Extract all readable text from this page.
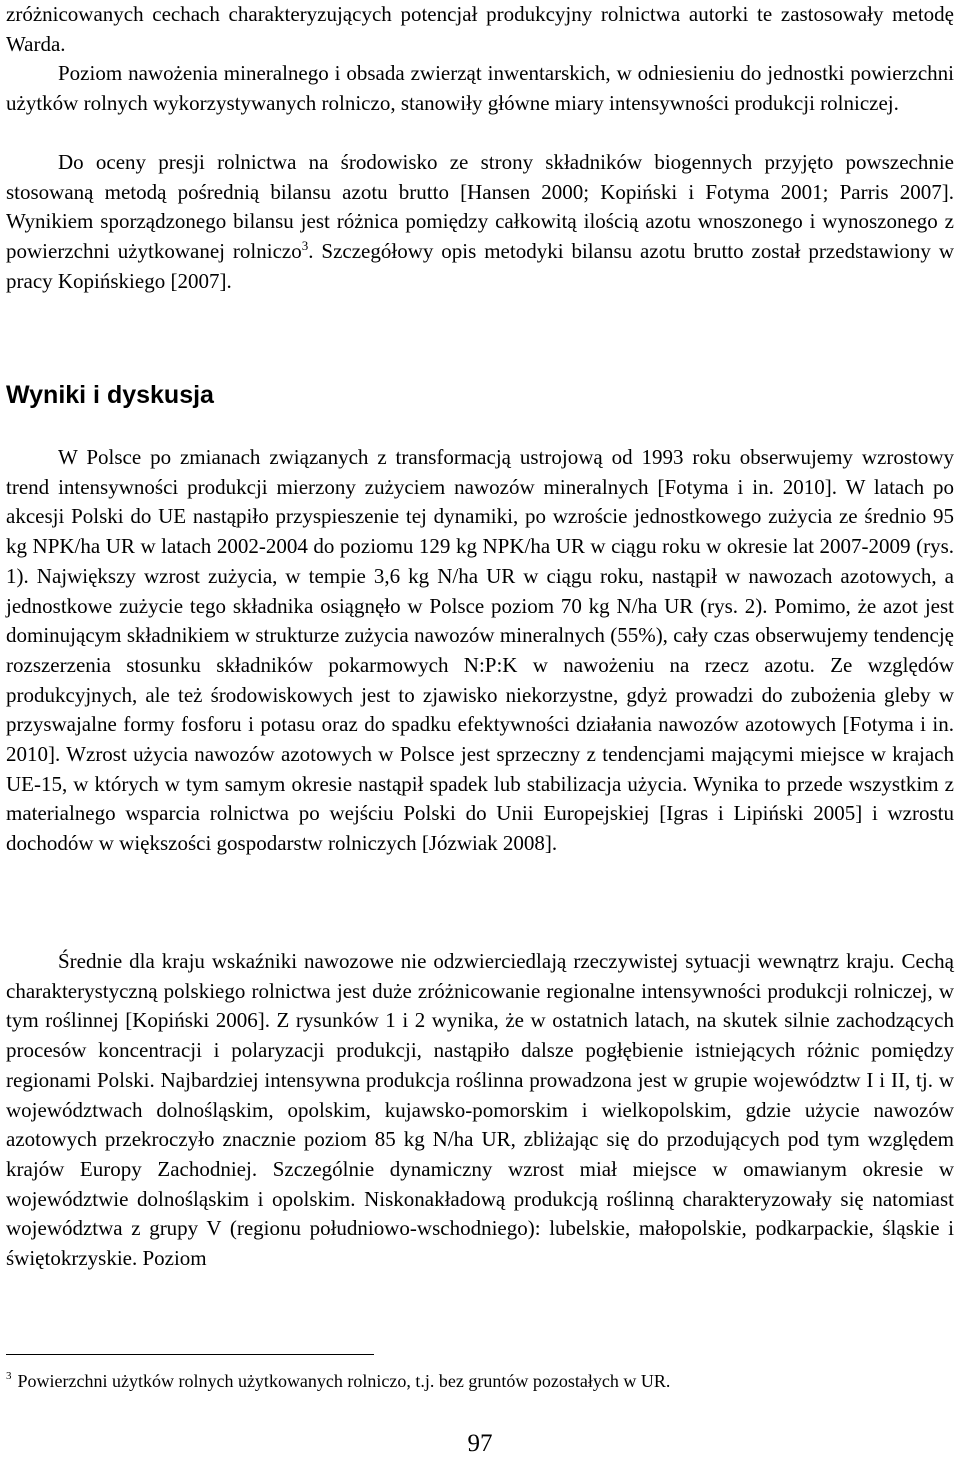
zróżnicowanych cechach charakteryzujących potencjał produkcyjny rolnictwa autorki te zastosowały metodę Warda.

Poziom nawożenia mineralnego i obsada zwierząt inwentarskich, w odniesieniu do jednostki powierzchni użytków rolnych wykorzystywanych rolniczo, stanowiły główne miary intensywności produkcji rolniczej.

Do oceny presji rolnictwa na środowisko ze strony składników biogennych przyjęto powszechnie stosowaną metodą pośrednią bilansu azotu brutto [Hansen 2000; Kopiński i Fotyma 2001; Parris 2007]. Wynikiem sporządzonego bilansu jest różnica pomiędzy całkowitą ilością azotu wnoszonego i wynoszonego z powierzchni użytkowanej rolniczo$^3$. Szczegółowy opis metodyki bilansu azotu brutto został przedstawiony w pracy Kopińskiego [2007].

Wyniki i dyskusja

W Polsce po zmianach związanych z transformacją ustrojową od 1993 roku obserwujemy wzrostowy trend intensywności produkcji mierzony zużyciem nawozów mineralnych [Fotyma i in. 2010]. W latach po akcesji Polski do UE nastąpiło przyspieszenie tej dynamiki, po wzroście jednostkowego zużycia ze średnio 95 kg NPK/ha UR w latach 2002-2004 do poziomu 129 kg NPK/ha UR w ciągu roku w okresie lat 2007-2009 (rys. 1). Największy wzrost zużycia, w tempie 3,6 kg N/ha UR w ciągu roku, nastąpił w nawozach azotowych, a jednostkowe zużycie tego składnika osiągnęło w Polsce poziom 70 kg N/ha UR (rys. 2). Pomimo, że azot jest dominującym składnikiem w strukturze zużycia nawozów mineralnych (55%), cały czas obserwujemy tendencję rozszerzenia stosunku składników pokarmowych N:P:K w nawożeniu na rzecz azotu. Ze względów produkcyjnych, ale też środowiskowych jest to zjawisko niekorzystne, gdyż prowadzi do zubożenia gleby w przyswajalne formy fosforu i potasu oraz do spadku efektywności działania nawozów azotowych [Fotyma i in. 2010]. Wzrost użycia nawozów azotowych w Polsce jest sprzeczny z tendencjami mającymi miejsce w krajach UE-15, w których w tym samym okresie nastąpił spadek lub stabilizacja użycia. Wynika to przede wszystkim z materialnego wsparcia rolnictwa po wejściu Polski do Unii Europejskiej [Igras i Lipiński 2005] i wzrostu dochodów w większości gospodarstw rolniczych [Józwiak 2008].

Średnie dla kraju wskaźniki nawozowe nie odzwierciedlają rzeczywistej sytuacji wewnątrz kraju. Cechą charakterystyczną polskiego rolnictwa jest duże zróżnicowanie regionalne intensywności produkcji rolniczej, w tym roślinnej [Kopiński 2006]. Z rysunków 1 i 2 wynika, że w ostatnich latach, na skutek silnie zachodzących procesów koncentracji i polaryzacji produkcji, nastąpiło dalsze pogłębienie istniejących różnic pomiędzy regionami Polski. Najbardziej intensywna produkcja roślinna prowadzona jest w grupie województw I i II, tj. w województwach dolnośląskim, opolskim, kujawsko-pomorskim i wielkopolskim, gdzie użycie nawozów azotowych przekroczyło znacznie poziom 85 kg N/ha UR, zbliżając się do przodujących pod tym względem krajów Europy Zachodniej. Szczególnie dynamiczny wzrost miał miejsce w omawianym okresie w województwie dolnośląskim i opolskim. Niskonakładową produkcją roślinną charakteryzowały się natomiast województwa z grupy V (regionu południowo-wschodniego): lubelskie, małopolskie, podkarpackie, śląskie i świętokrzyskie. Poziom

$^3$ Powierzchni użytków rolnych użytkowanych rolniczo, t.j. bez gruntów pozostałych w UR.

97
